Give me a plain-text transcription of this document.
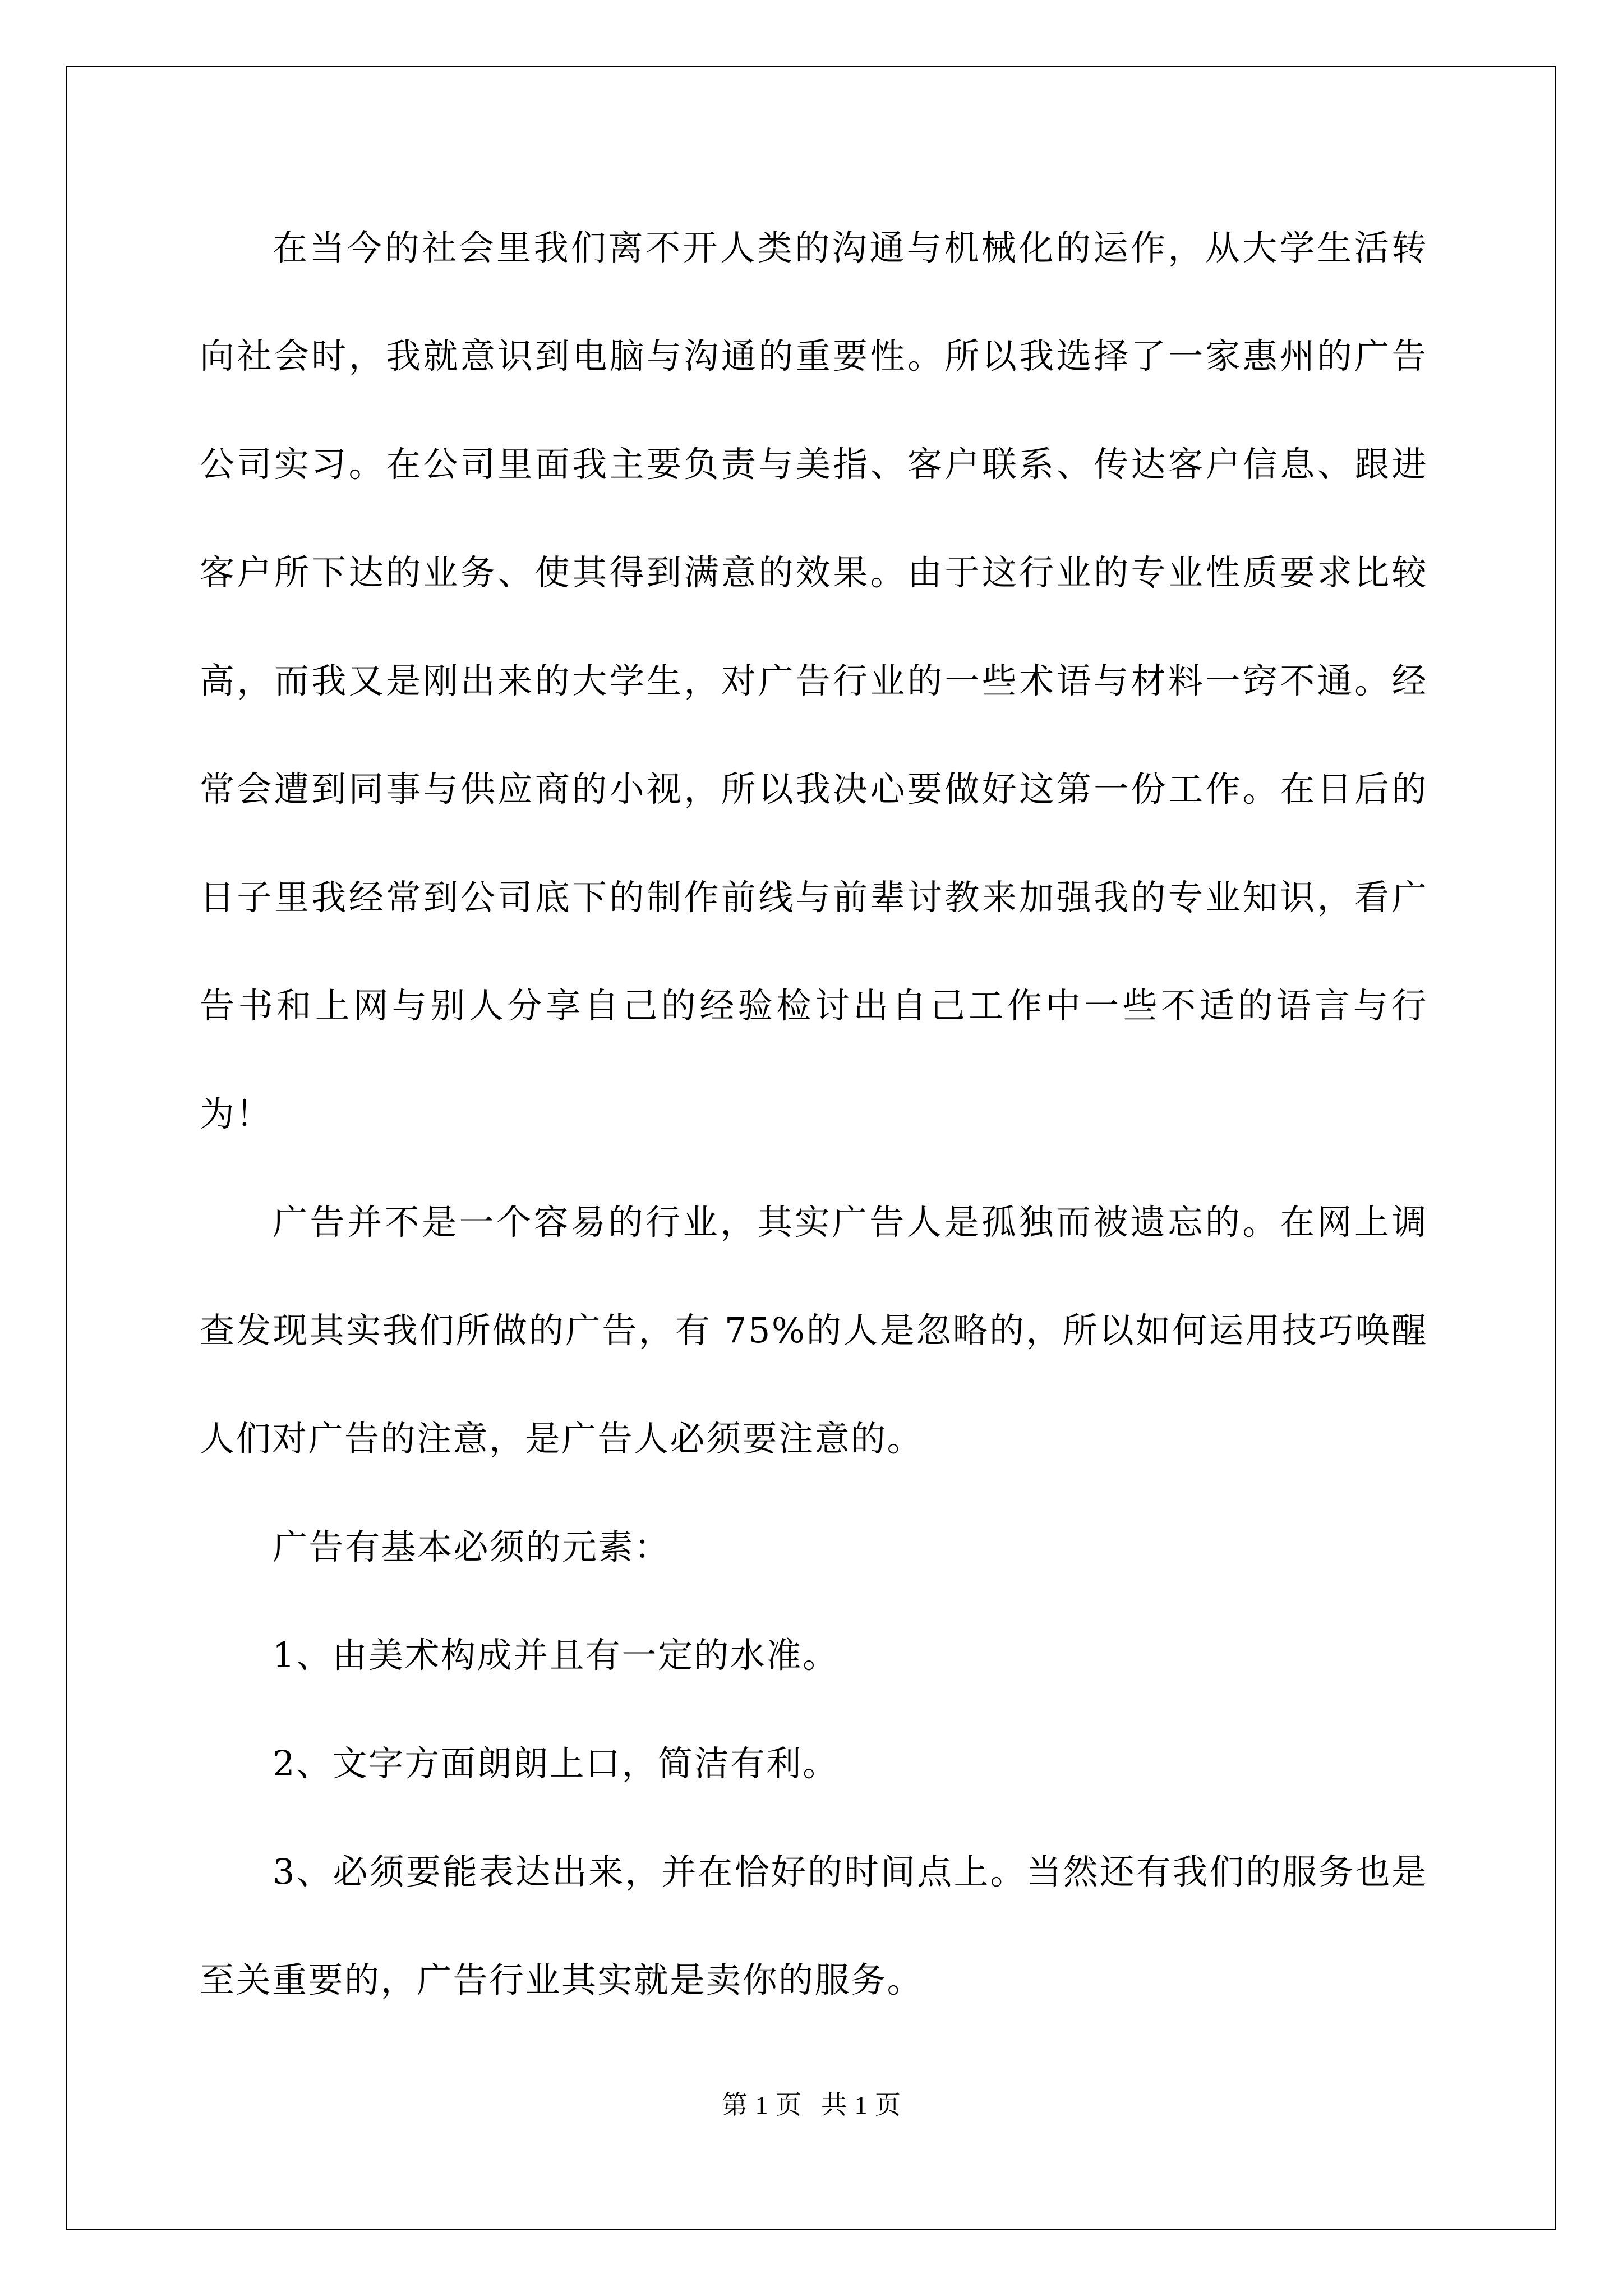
在当今的社会里我们离不开人类的沟通与机械化的运作，从大学生活转向社会时，我就意识到电脑与沟通的重要性。所以我选择了一家惠州的广告公司实习。在公司里面我主要负责与美指、客户联系、传达客户信息、跟进客户所下达的业务、使其得到满意的效果。由于这行业的专业性质要求比较高，而我又是刚出来的大学生，对广告行业的一些术语与材料一窍不通。经常会遭到同事与供应商的小视，所以我决心要做好这第一份工作。在日后的日子里我经常到公司底下的制作前线与前辈讨教来加强我的专业知识，看广告书和上网与别人分享自己的经验检讨出自己工作中一些不适的语言与行为！

广告并不是一个容易的行业，其实广告人是孤独而被遗忘的。在网上调查发现其实我们所做的广告，有 75%的人是忽略的，所以如何运用技巧唤醒人们对广告的注意，是广告人必须要注意的。

广告有基本必须的元素：

1、由美术构成并且有一定的水准。

2、文字方面朗朗上口，简洁有利。

3、必须要能表达出来，并在恰好的时间点上。当然还有我们的服务也是至关重要的，广告行业其实就是卖你的服务。

第 1 页 共 1 页
